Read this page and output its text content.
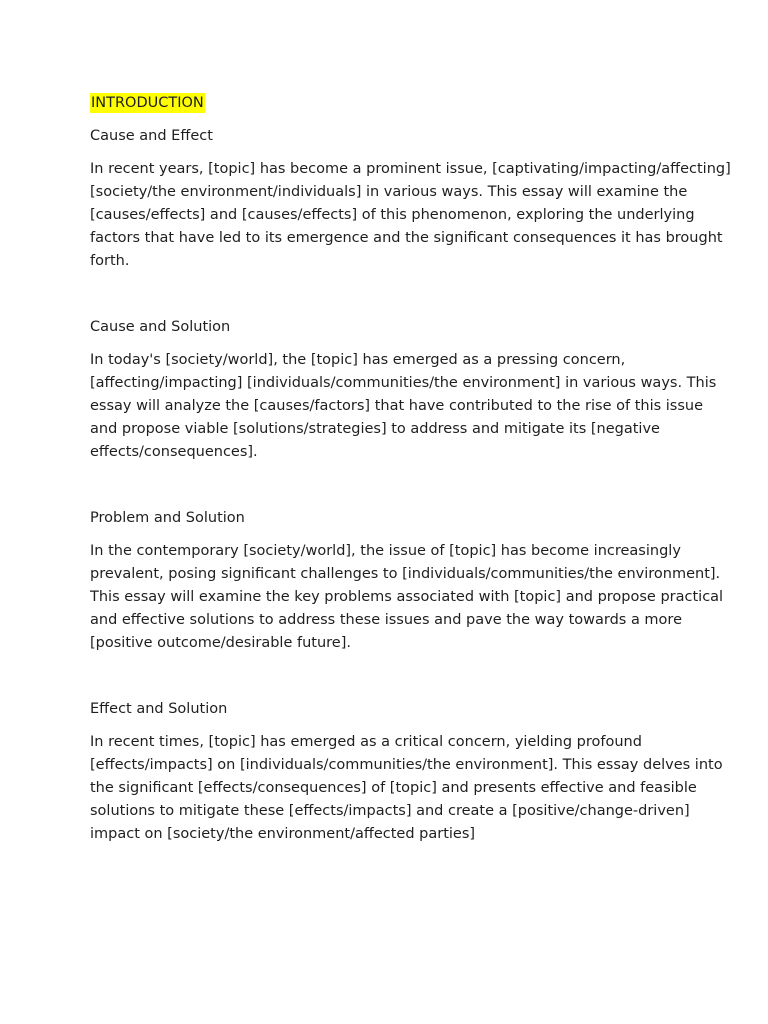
INTRODUCTION

Cause and Effect

In recent years, [topic] has become a prominent issue, [captivating/impacting/affecting]
[society/the environment/individuals] in various ways. This essay will examine the
[causes/effects] and [causes/effects] of this phenomenon, exploring the underlying
factors that have led to its emergence and the significant consequences it has brought
forth.

Cause and Solution

In today's [society/world], the [topic] has emerged as a pressing concern,
[affecting/impacting] [individuals/communities/the environment] in various ways. This
essay will analyze the [causes/factors] that have contributed to the rise of this issue
and propose viable [solutions/strategies] to address and mitigate its [negative
effects/consequences].

Problem and Solution

In the contemporary [society/world], the issue of [topic] has become increasingly
prevalent, posing significant challenges to [individuals/communities/the environment].
This essay will examine the key problems associated with [topic] and propose practical
and effective solutions to address these issues and pave the way towards a more
[positive outcome/desirable future].

Effect and Solution

In recent times, [topic] has emerged as a critical concern, yielding profound
[effects/impacts] on [individuals/communities/the environment]. This essay delves into
the significant [effects/consequences] of [topic] and presents effective and feasible
solutions to mitigate these [effects/impacts] and create a [positive/change-driven]
impact on [society/the environment/affected parties]
